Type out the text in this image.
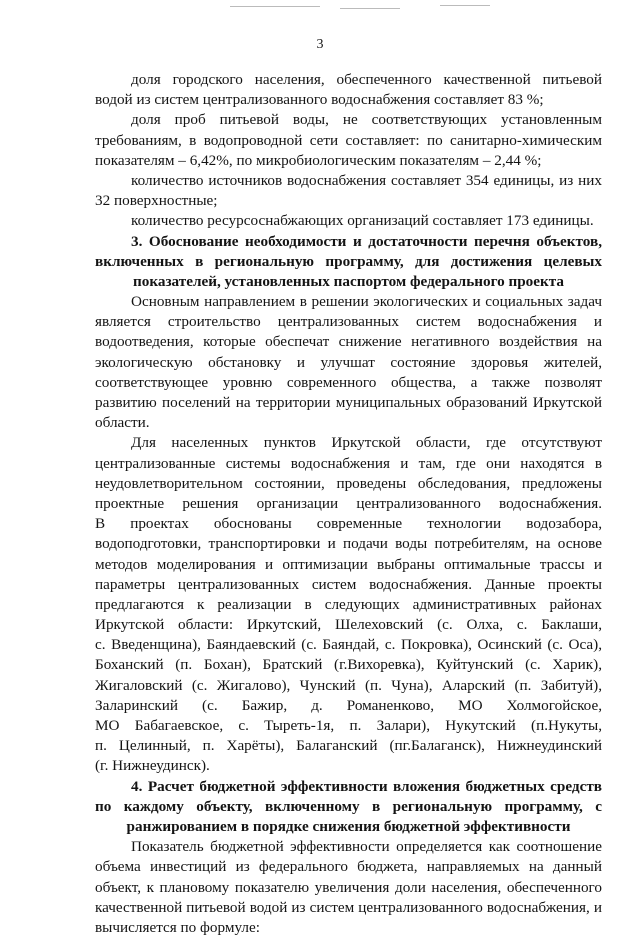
3
доля городского населения, обеспеченного качественной питьевой
водой из систем централизованного водоснабжения составляет 83 %;
доля проб питьевой воды, не соответствующих установленным
требованиям, в водопроводной сети составляет: по санитарно-химическим
показателям – 6,42%, по микробиологическим показателям – 2,44 %;
количество источников водоснабжения составляет 354 единицы, из них
32 поверхностные;
количество ресурсоснабжающих организаций составляет 173 единицы.
3. Обоснование необходимости и достаточности перечня объектов,
включенных в региональную программу, для достижения целевых
показателей, установленных паспортом федерального проекта
Основным направлением в решении экологических и социальных задач
является строительство централизованных систем водоснабжения и
водоотведения, которые обеспечат снижение негативного воздействия на
экологическую обстановку и улучшат состояние здоровья жителей,
соответствующее уровню современного общества, а также позволят
развитию поселений на территории муниципальных образований Иркутской
области.
Для населенных пунктов Иркутской области, где отсутствуют
централизованные системы водоснабжения и там, где они находятся в
неудовлетворительном состоянии, проведены обследования, предложены
проектные решения организации централизованного водоснабжения.
В проектах обоснованы современные технологии водозабора,
водоподготовки, транспортировки и подачи воды потребителям, на основе
методов моделирования и оптимизации выбраны оптимальные трассы и
параметры централизованных систем водоснабжения. Данные проекты
предлагаются к реализации в следующих административных районах
Иркутской области: Иркутский, Шелеховский (с. Олха, с. Баклаши,
с. Введенщина), Баяндаевский (с. Баяндай, с. Покровка), Осинский (с. Оса),
Боханский (п. Бохан), Братский (г.Вихоревка), Куйтунский (с. Харик),
Жигаловский (с. Жигалово), Чунский (п. Чуна), Аларский (п. Забитуй),
Заларинский (с. Бажир, д. Романенково, МО Холмогойское,
МО Бабагаевское, с. Тыреть-1я, п. Залари), Нукутский (п.Нукуты,
п. Целинный, п. Харёты), Балаганский (пг.Балаганск), Нижнеудинский
(г. Нижнеудинск).
4. Расчет бюджетной эффективности вложения бюджетных средств
по каждому объекту, включенному в региональную программу, с
ранжированием в порядке снижения бюджетной эффективности
Показатель бюджетной эффективности определяется как соотношение
объема инвестиций из федерального бюджета, направляемых на данный
объект, к плановому показателю увеличения доли населения, обеспеченного
качественной питьевой водой из систем централизованного водоснабжения, и
вычисляется по формуле:
